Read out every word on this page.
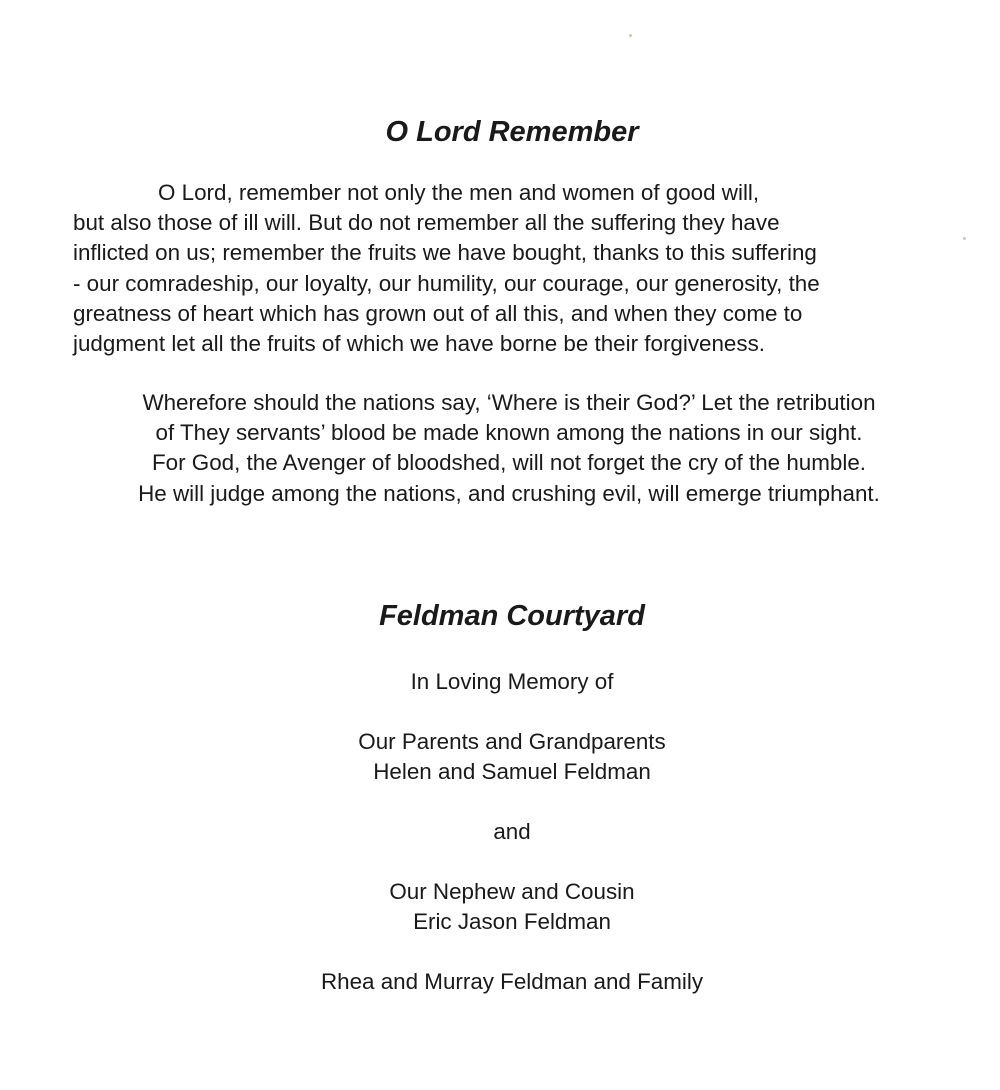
O Lord Remember

O Lord, remember not only the men and women of good will,
but also those of ill will. But do not remember all the suffering they have
inflicted on us; remember the fruits we have bought, thanks to this suffering
- our comradeship, our loyalty, our humility, our courage, our generosity, the
greatness of heart which has grown out of all this, and when they come to
judgment let all the fruits of which we have borne be their forgiveness.

Wherefore should the nations say, ‘Where is their God?’ Let the retribution
of They servants’ blood be made known among the nations in our sight.
For God, the Avenger of bloodshed, will not forget the cry of the humble.
He will judge among the nations, and crushing evil, will emerge triumphant.

Feldman Courtyard

In Loving Memory of

Our Parents and Grandparents
Helen and Samuel Feldman

and

Our Nephew and Cousin
Eric Jason Feldman

Rhea and Murray Feldman and Family
